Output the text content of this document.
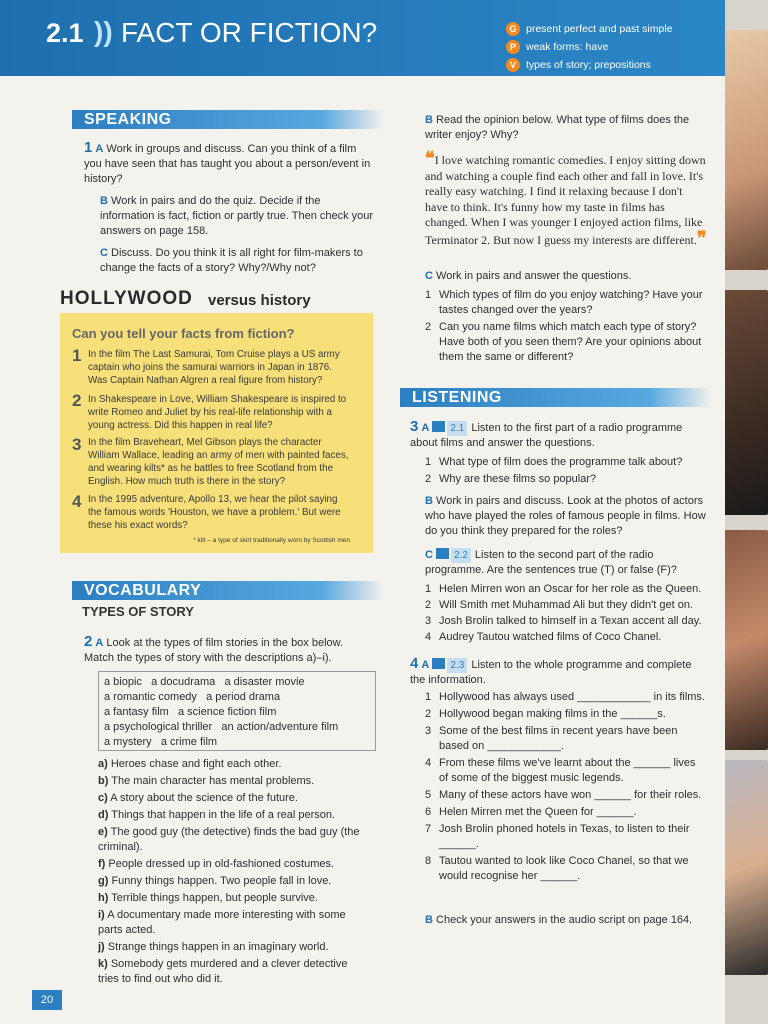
2.1 )) FACT OR FICTION?	G present perfect and past simple
P weak forms: have
V types of story; prepositions
SPEAKING
1 A Work in groups and discuss. Can you think of a film you have seen that has taught you about a person/event in history?
B Work in pairs and do the quiz. Decide if the information is fact, fiction or partly true. Then check your answers on page 158.
C Discuss. Do you think it is all right for film-makers to change the facts of a story? Why?/Why not?
HOLLYWOOD versus history
Can you tell your facts from fiction?
1 In the film The Last Samurai, Tom Cruise plays a US army captain who joins the samurai warriors in Japan in 1876. Was Captain Nathan Algren a real figure from history?
2 In Shakespeare in Love, William Shakespeare is inspired to write Romeo and Juliet by his real-life relationship with a young actress. Did this happen in real life?
3 In the film Braveheart, Mel Gibson plays the character William Wallace, leading an army of men with painted faces, and wearing kilts* as he battles to free Scotland from the English. How much truth is there in the story?
4 In the 1995 adventure, Apollo 13, we hear the pilot saying the famous words 'Houston, we have a problem.' But were these his exact words?
* kilt – a type of skirt traditionally worn by Scottish men
VOCABULARY
TYPES OF STORY
2 A Look at the types of film stories in the box below. Match the types of story with the descriptions a)–i).
a biopic   a docudrama   a disaster movie
a romantic comedy   a period drama
a fantasy film   a science fiction film
a psychological thriller   an action/adventure film
a mystery   a crime film
a) Heroes chase and fight each other.
b) The main character has mental problems.
c) A story about the science of the future.
d) Things that happen in the life of a real person.
e) The good guy (the detective) finds the bad guy (the criminal).
f) People dressed up in old-fashioned costumes.
g) Funny things happen. Two people fall in love.
h) Terrible things happen, but people survive.
i) A documentary made more interesting with some parts acted.
j) Strange things happen in an imaginary world.
k) Somebody gets murdered and a clever detective tries to find out who did it.
B Read the opinion below. What type of films does the writer enjoy? Why?
❝I love watching romantic comedies. I enjoy sitting down and watching a couple find each other and fall in love. It's really easy watching. I find it relaxing because I don't have to think. It's funny how my taste in films has changed. When I was younger I enjoyed action films, like Terminator 2. But now I guess my interests are different.❞
C Work in pairs and answer the questions.
1 Which types of film do you enjoy watching? Have your tastes changed over the years?
2 Can you name films which match each type of story? Have both of you seen them? Are your opinions about them the same or different?
LISTENING
3 A 2.1 Listen to the first part of a radio programme about films and answer the questions.
1 What type of film does the programme talk about?
2 Why are these films so popular?
B Work in pairs and discuss. Look at the photos of actors who have played the roles of famous people in films. How do you think they prepared for the roles?
C 2.2 Listen to the second part of the radio programme. Are the sentences true (T) or false (F)?
1 Helen Mirren won an Oscar for her role as the Queen.
2 Will Smith met Muhammad Ali but they didn't get on.
3 Josh Brolin talked to himself in a Texan accent all day.
4 Audrey Tautou watched films of Coco Chanel.
4 A 2.3 Listen to the whole programme and complete the information.
1 Hollywood has always used ____________ in its films.
2 Hollywood began making films in the ______s.
3 Some of the best films in recent years have been based on ____________.
4 From these films we've learnt about the ______ lives of some of the biggest music legends.
5 Many of these actors have won ______ for their roles.
6 Helen Mirren met the Queen for ______.
7 Josh Brolin phoned hotels in Texas, to listen to their ______.
8 Tautou wanted to look like Coco Chanel, so that we would recognise her ______.
B Check your answers in the audio script on page 164.
20
